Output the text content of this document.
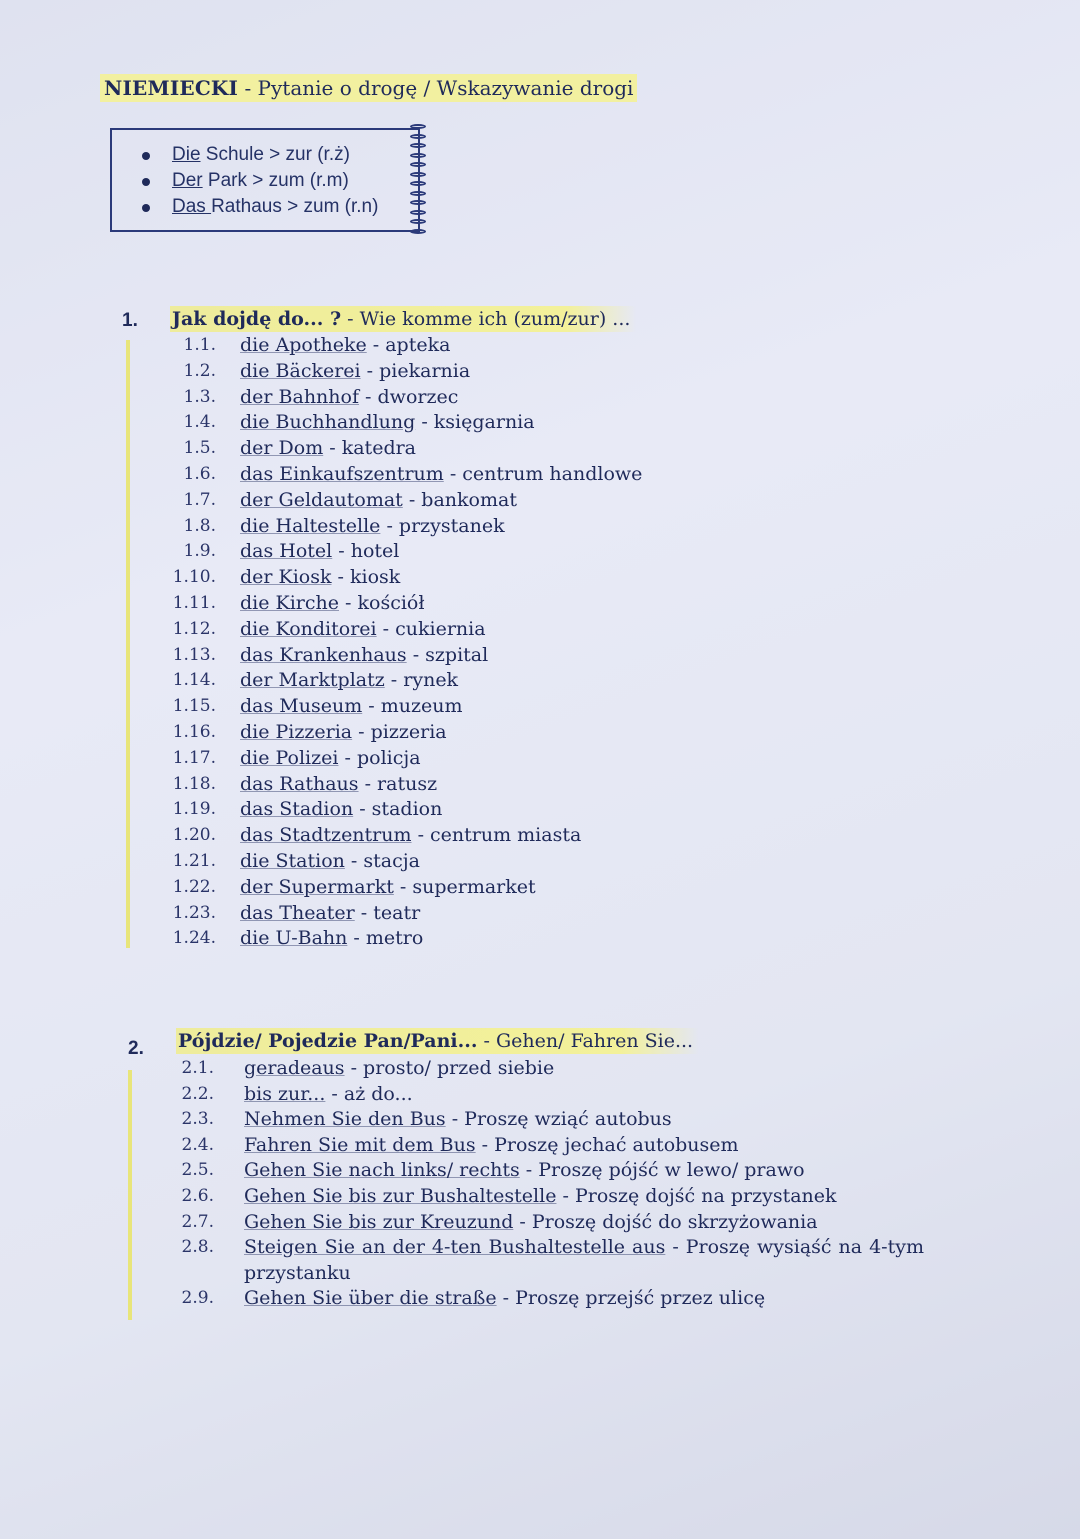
NIEMIECKI - Pytanie o drogę / Wskazywanie drogi
Die Schule > zur (r.ż)
Der Park > zum (r.m)
Das Rathaus > zum (r.n)
1. Jak dojdę do... ? - Wie komme ich (zum/zur) ...
1.1. die Apotheke - apteka
1.2. die Bäckerei - piekarnia
1.3. der Bahnhof - dworzec
1.4. die Buchhandlung - księgarnia
1.5. der Dom - katedra
1.6. das Einkaufszentrum - centrum handlowe
1.7. der Geldautomat - bankomat
1.8. die Haltestelle - przystanek
1.9. das Hotel - hotel
1.10. der Kiosk - kiosk
1.11. die Kirche - kościół
1.12. die Konditorei - cukiernia
1.13. das Krankenhaus - szpital
1.14. der Marktplatz - rynek
1.15. das Museum - muzeum
1.16. die Pizzeria - pizzeria
1.17. die Polizei - policja
1.18. das Rathaus - ratusz
1.19. das Stadion - stadion
1.20. das Stadtzentrum - centrum miasta
1.21. die Station - stacja
1.22. der Supermarkt - supermarket
1.23. das Theater - teatr
1.24. die U-Bahn - metro
2. Pójdzie/ Pojedzie Pan/Pani... - Gehen/ Fahren Sie...
2.1. geradeaus - prosto/ przed siebie
2.2. bis zur... - aż do...
2.3. Nehmen Sie den Bus - Proszę wziąć autobus
2.4. Fahren Sie mit dem Bus - Proszę jechać autobusem
2.5. Gehen Sie nach links/ rechts - Proszę pójść w lewo/ prawo
2.6. Gehen Sie bis zur Bushaltestelle - Proszę dojść na przystanek
2.7. Gehen Sie bis zur Kreuzund - Proszę dojść do skrzyżowania
2.8. Steigen Sie an der 4-ten Bushaltestelle aus - Proszę wysiąść na 4-tym
przystanku
2.9. Gehen Sie über die straße - Proszę przejść przez ulicę
